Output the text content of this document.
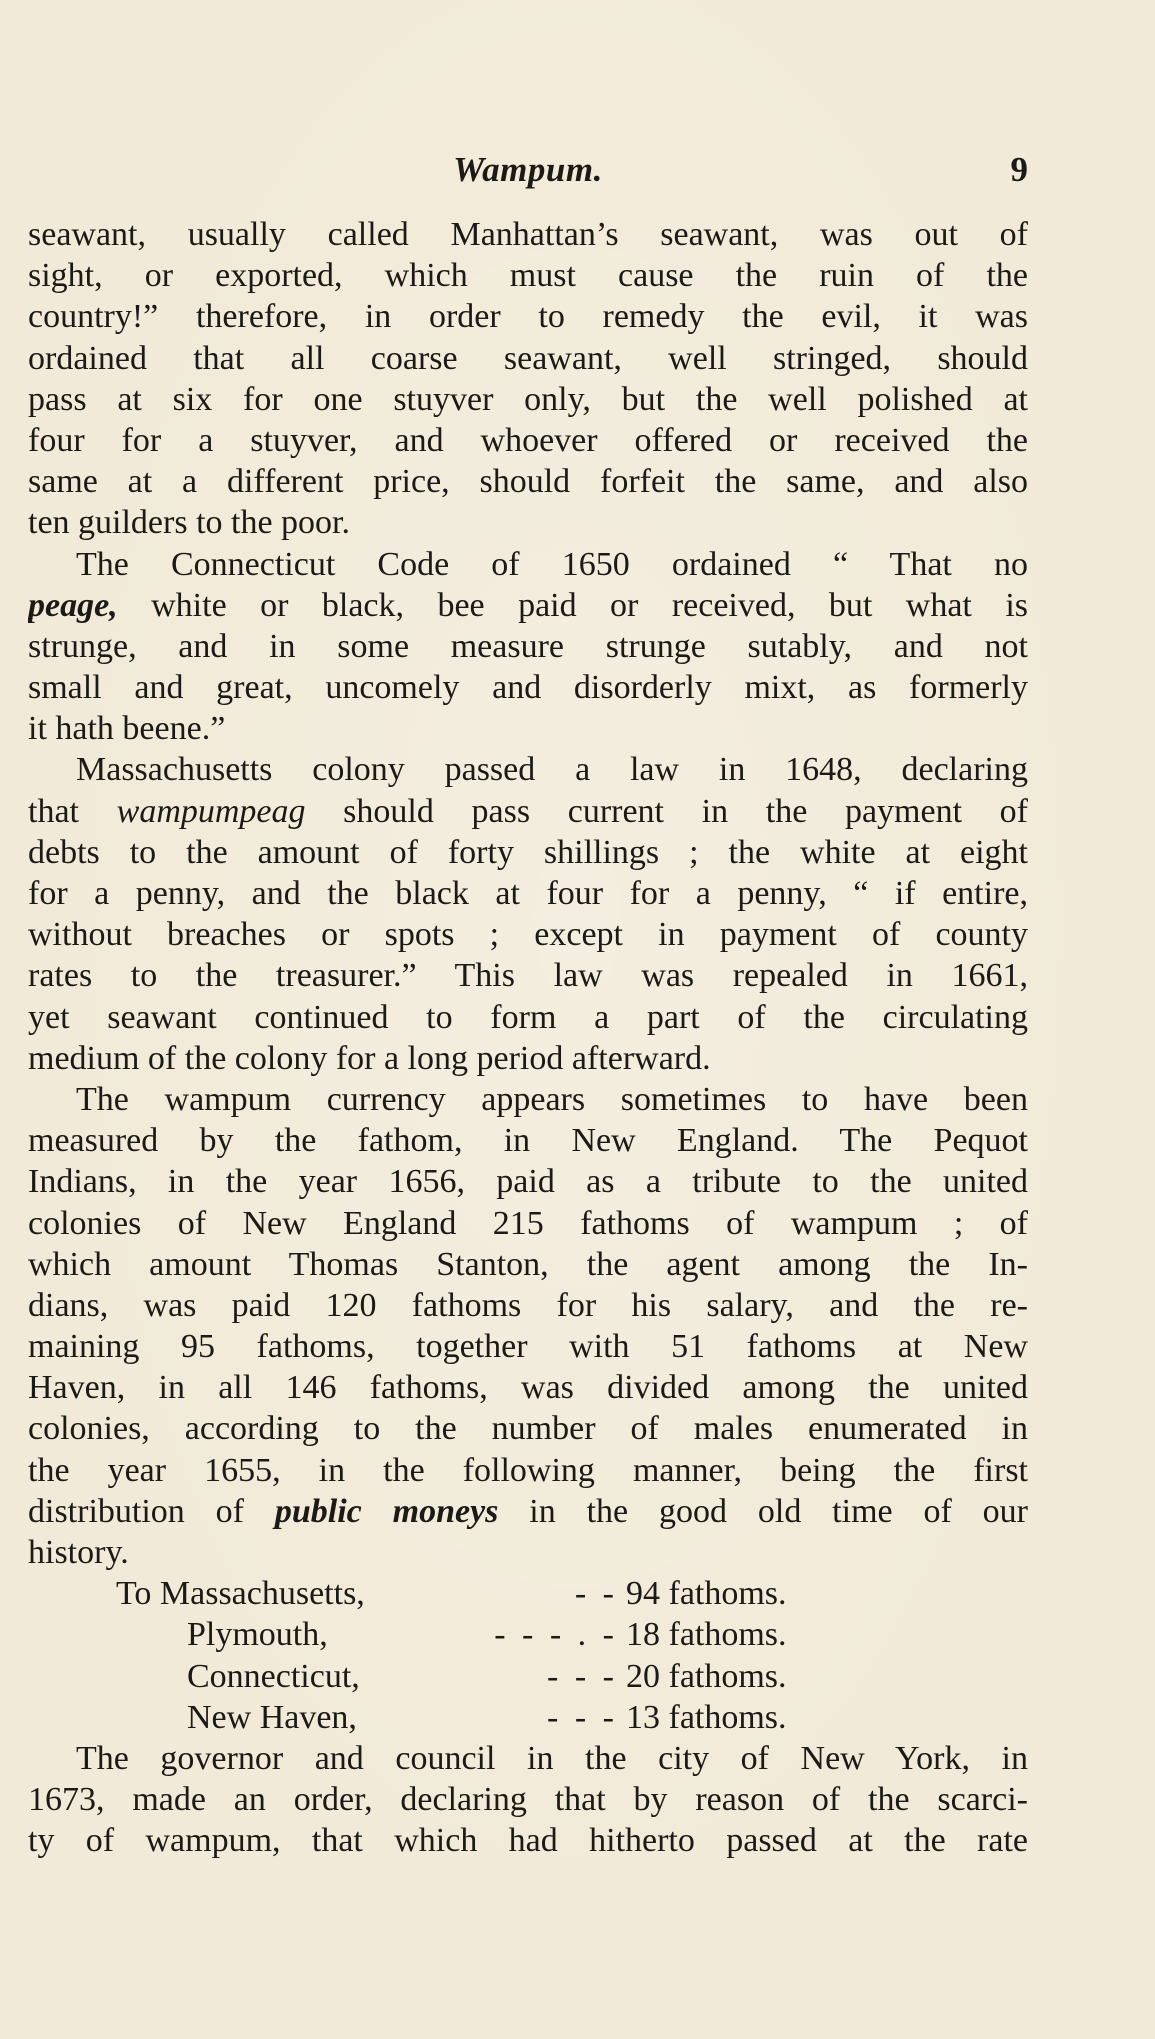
Wampum.	9
seawant, usually called Manhattan’s seawant, was out of
sight, or exported, which must cause the ruin of the
country!” therefore, in order to remedy the evil, it was
ordained that all coarse seawant, well stringed, should
pass at six for one stuyver only, but the well polished at
four for a stuyver, and whoever offered or received the
same at a different price, should forfeit the same, and also
ten guilders to the poor.
The Connecticut Code of 1650 ordained “ That no
peage, white or black, bee paid or received, but what is
strunge, and in some measure strunge sutably, and not
small and great, uncomely and disorderly mixt, as formerly
it hath beene.”
Massachusetts colony passed a law in 1648, declaring
that wampumpeag should pass current in the payment of
debts to the amount of forty shillings ; the white at eight
for a penny, and the black at four for a penny, “ if entire,
without breaches or spots ; except in payment of county
rates to the treasurer.” This law was repealed in 1661,
yet seawant continued to form a part of the circulating
medium of the colony for a long period afterward.
The wampum currency appears sometimes to have been
measured by the fathom, in New England. The Pequot
Indians, in the year 1656, paid as a tribute to the united
colonies of New England 215 fathoms of wampum ; of
which amount Thomas Stanton, the agent among the In-
dians, was paid 120 fathoms for his salary, and the re-
maining 95 fathoms, together with 51 fathoms at New
Haven, in all 146 fathoms, was divided among the united
colonies, according to the number of males enumerated in
the year 1655, in the following manner, being the first
distribution of public moneys in the good old time of our
history.
To Massachusetts,	- - 94 fathoms.
Plymouth,	- - - . - 18 fathoms.
Connecticut,	- - - 20 fathoms.
New Haven,	- - - 13 fathoms.
The governor and council in the city of New York, in
1673, made an order, declaring that by reason of the scarci-
ty of wampum, that which had hitherto passed at the rate
